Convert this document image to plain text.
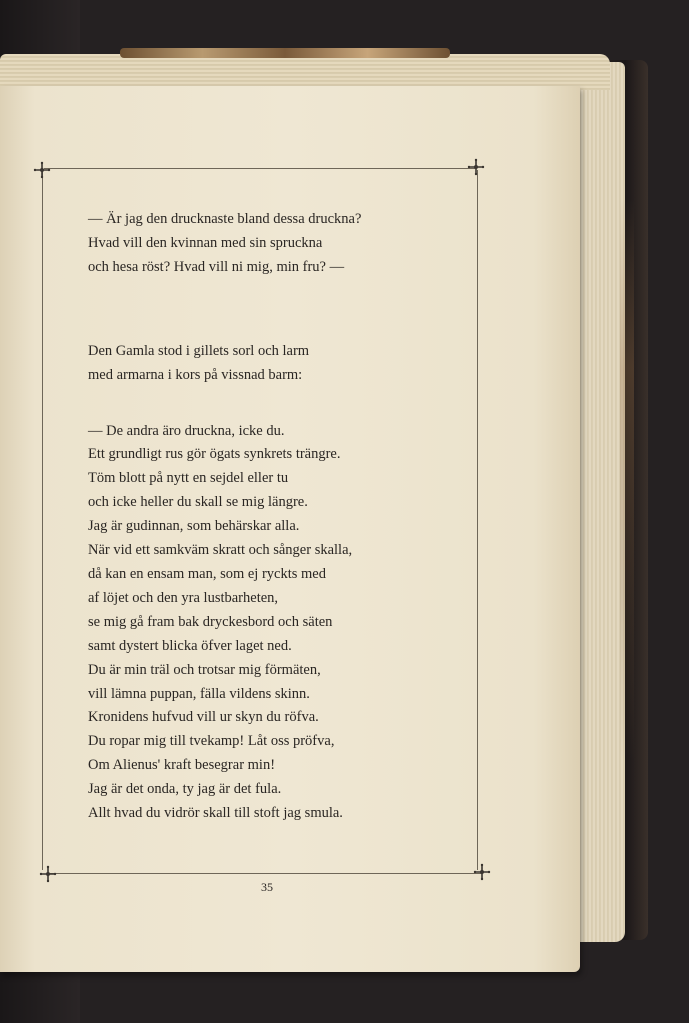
— Är jag den drucknaste bland dessa druckna?
Hvad vill den kvinnan med sin spruckna
och hesa röst? Hvad vill ni mig, min fru? —

Den Gamla stod i gillets sorl och larm
med armarna i kors på vissnad barm:

— De andra äro druckna, icke du.
Ett grundligt rus gör ögats synkrets trängre.
Töm blott på nytt en sejdel eller tu
och icke heller du skall se mig längre.
Jag är gudinnan, som behärskar alla.
När vid ett samkväm skratt och sånger skalla,
då kan en ensam man, som ej ryckts med
af löjet och den yra lustbarheten,
se mig gå fram bak dryckesbord och säten
samt dystert blicka öfver laget ned.
Du är min träl och trotsar mig förmäten,
vill lämna puppan, fälla vildens skinn.
Kronidens hufvud vill ur skyn du röfva.
Du ropar mig till tvekamp! Låt oss pröfva,
Om Alienus' kraft besegrar min!
Jag är det onda, ty jag är det fula.
Allt hvad du vidrör skall till stoft jag smula.

35
